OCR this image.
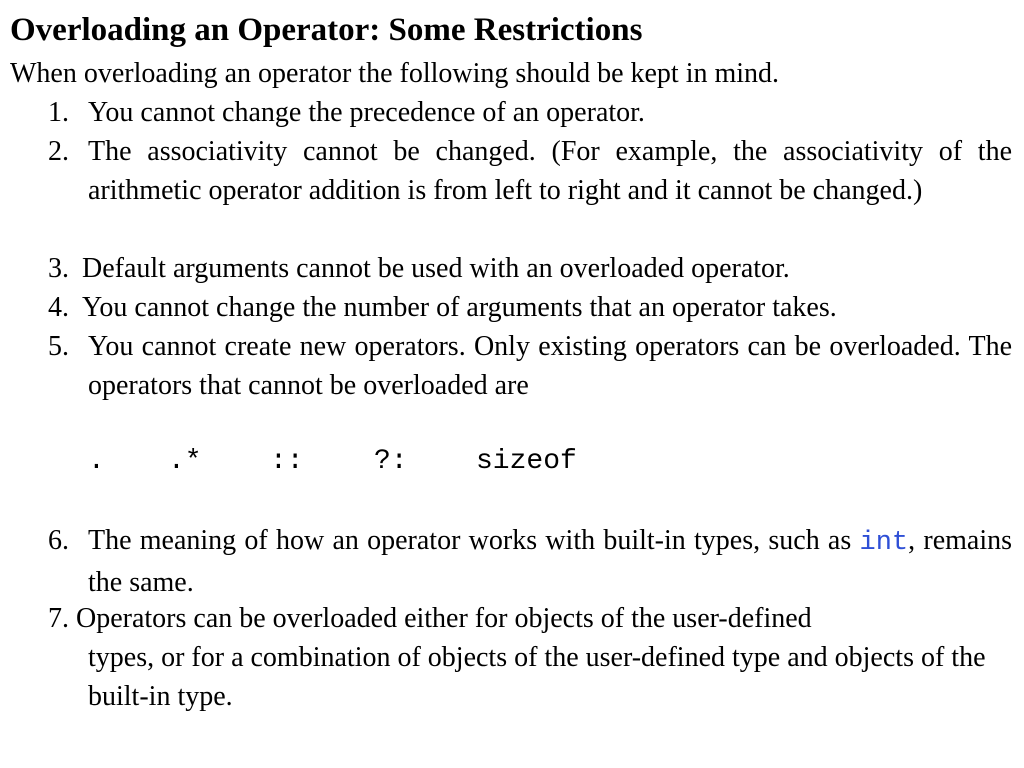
Overloading an Operator: Some Restrictions
When overloading an operator the following should be kept in mind.
1. You cannot change the precedence of an operator.
2. The associativity cannot be changed. (For example, the associativity of the arithmetic operator addition is from left to right and it cannot be changed.)
3. Default arguments cannot be used with an overloaded operator.
4. You cannot change the number of arguments that an operator takes.
5. You cannot create new operators. Only existing operators can be overloaded. The operators that cannot be overloaded are
. .* ::	?: sizeof
6. The meaning of how an operator works with built-in types, such as int, remains the same.
7. Operators can be overloaded either for objects of the user-defined
types, or for a combination of objects of the user-defined type and objects of the built-in type.
